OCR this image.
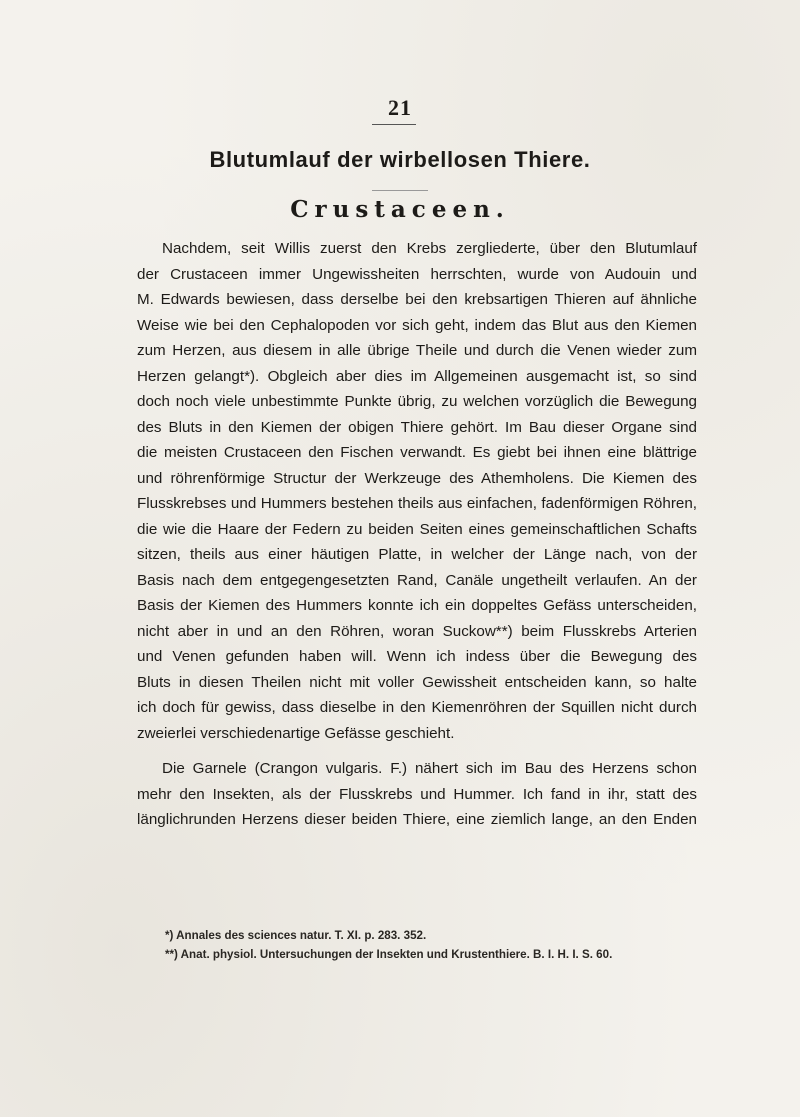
21
Blutumlauf der wirbellosen Thiere.
Crustaceen.

Nachdem, seit Willis zuerst den Krebs zergliederte, über den Blutumlauf
der Crustaceen immer Ungewissheiten herrschten, wurde von Audouin und
M. Edwards bewiesen, dass derselbe bei den krebsartigen Thieren auf ähnliche
Weise wie bei den Cephalopoden vor sich geht, indem das Blut aus den Kiemen
zum Herzen, aus diesem in alle übrige Theile und durch die Venen wieder zum
Herzen gelangt*). Obgleich aber dies im Allgemeinen ausgemacht ist, so sind
doch noch viele unbestimmte Punkte übrig, zu welchen vorzüglich die Bewegung
des Bluts in den Kiemen der obigen Thiere gehört. Im Bau dieser Organe sind
die meisten Crustaceen den Fischen verwandt. Es giebt bei ihnen eine blättrige
und röhrenförmige Structur der Werkzeuge des Athemholens. Die Kiemen des
Flusskrebses und Hummers bestehen theils aus einfachen, fadenförmigen Röhren,
die wie die Haare der Federn zu beiden Seiten eines gemeinschaftlichen Schafts
sitzen, theils aus einer häutigen Platte, in welcher der Länge nach, von der
Basis nach dem entgegengesetzten Rand, Canäle ungetheilt verlaufen. An der
Basis der Kiemen des Hummers konnte ich ein doppeltes Gefäss unterscheiden,
nicht aber in und an den Röhren, woran Suckow**) beim Flusskrebs Arterien
und Venen gefunden haben will. Wenn ich indess über die Bewegung des
Bluts in diesen Theilen nicht mit voller Gewissheit entscheiden kann, so halte
ich doch für gewiss, dass dieselbe in den Kiemenröhren der Squillen nicht durch
zweierlei verschiedenartige Gefässe geschieht.

Die Garnele (Crangon vulgaris. F.) nähert sich im Bau des Herzens schon
mehr den Insekten, als der Flusskrebs und Hummer. Ich fand in ihr, statt des
länglichrunden Herzens dieser beiden Thiere, eine ziemlich lange, an den Enden

*) Annales des sciences natur. T. XI. p. 283. 352.
**) Anat. physiol. Untersuchungen der Insekten und Krustenthiere. B. I. H. I. S. 60.
